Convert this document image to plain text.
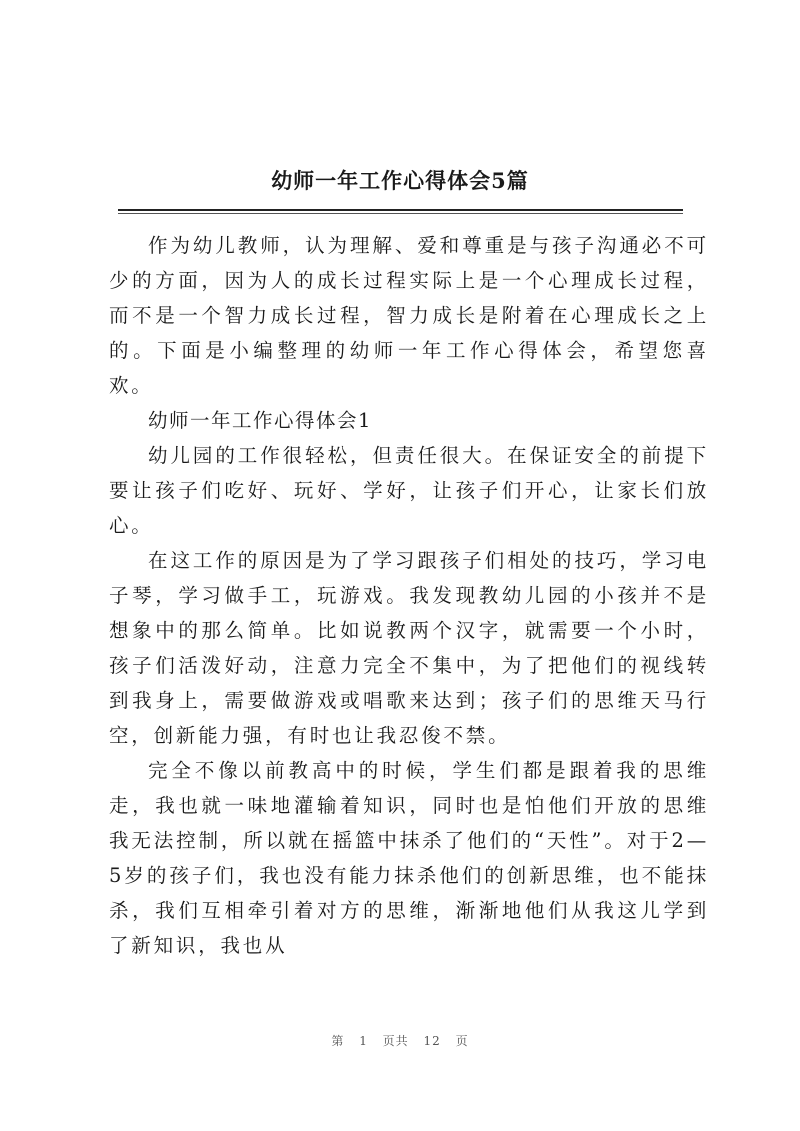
幼师一年工作心得体会5篇

作为幼儿教师，认为理解、爱和尊重是与孩子沟通必不可少的方面，因为人的成长过程实际上是一个心理成长过程，而不是一个智力成长过程，智力成长是附着在心理成长之上的。下面是小编整理的幼师一年工作心得体会，希望您喜欢。

幼师一年工作心得体会1

幼儿园的工作很轻松，但责任很大。在保证安全的前提下要让孩子们吃好、玩好、学好，让孩子们开心，让家长们放心。

在这工作的原因是为了学习跟孩子们相处的技巧，学习电子琴，学习做手工，玩游戏。我发现教幼儿园的小孩并不是想象中的那么简单。比如说教两个汉字，就需要一个小时，孩子们活泼好动，注意力完全不集中，为了把他们的视线转到我身上，需要做游戏或唱歌来达到；孩子们的思维天马行空，创新能力强，有时也让我忍俊不禁。

完全不像以前教高中的时候，学生们都是跟着我的思维走，我也就一味地灌输着知识，同时也是怕他们开放的思维我无法控制，所以就在摇篮中抹杀了他们的“天性”。对于2—5岁的孩子们，我也没有能力抹杀他们的创新思维，也不能抹杀，我们互相牵引着对方的思维，渐渐地他们从我这儿学到了新知识，我也从

第 1 页共 12 页
